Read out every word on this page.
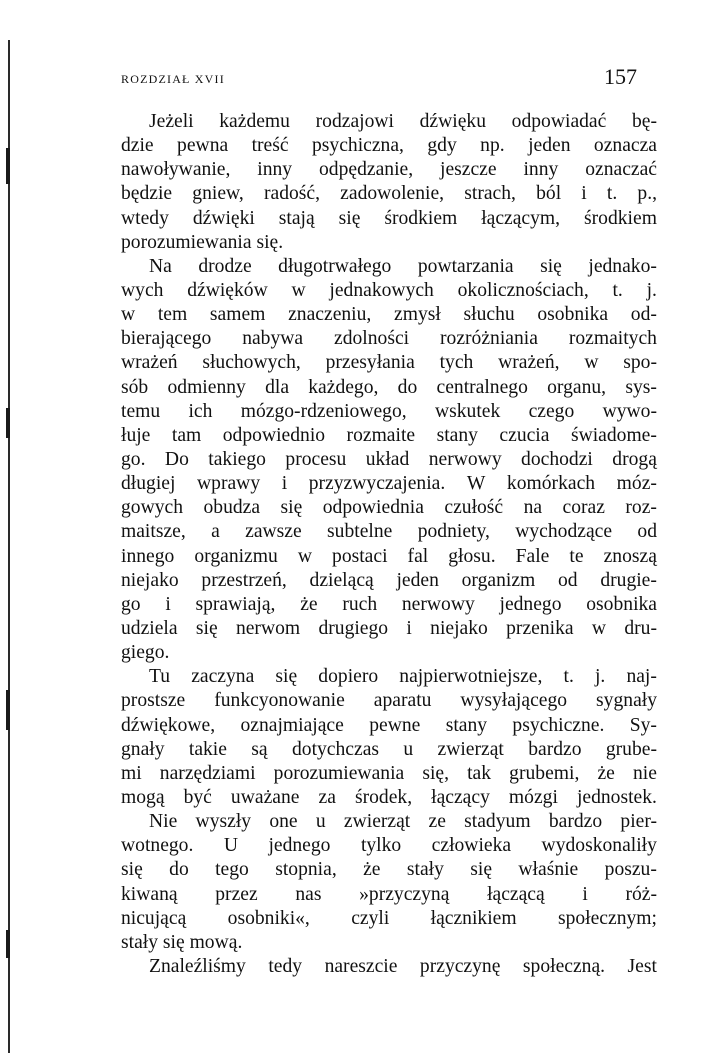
ROZDZIAŁ XVII	157
Jeżeli każdemu rodzajowi dźwięku odpowiadać bę-
dzie pewna treść psychiczna, gdy np. jeden oznacza
nawoływanie, inny odpędzanie, jeszcze inny oznaczać
będzie gniew, radość, zadowolenie, strach, ból i t. p.,
wtedy dźwięki stają się środkiem łączącym, środkiem
porozumiewania się.
Na drodze długotrwałego powtarzania się jednako-
wych dźwięków w jednakowych okolicznościach, t. j.
w tem samem znaczeniu, zmysł słuchu osobnika od-
bierającego nabywa zdolności rozróżniania rozmaitych
wrażeń słuchowych, przesyłania tych wrażeń, w spo-
sób odmienny dla każdego, do centralnego organu, sys-
temu ich mózgo-rdzeniowego, wskutek czego wywo-
łuje tam odpowiednio rozmaite stany czucia świadome-
go. Do takiego procesu układ nerwowy dochodzi drogą
długiej wprawy i przyzwyczajenia. W komórkach móz-
gowych obudza się odpowiednia czułość na coraz roz-
maitsze, a zawsze subtelne podniety, wychodzące od
innego organizmu w postaci fal głosu. Fale te znoszą
niejako przestrzeń, dzielącą jeden organizm od drugie-
go i sprawiają, że ruch nerwowy jednego osobnika
udziela się nerwom drugiego i niejako przenika w dru-
giego.
Tu zaczyna się dopiero najpierwotniejsze, t. j. naj-
prostsze funkcyonowanie aparatu wysyłającego sygnały
dźwiękowe, oznajmiające pewne stany psychiczne. Sy-
gnały takie są dotychczas u zwierząt bardzo grube-
mi narzędziami porozumiewania się, tak grubemi, że nie
mogą być uważane za środek, łączący mózgi jednostek.
Nie wyszły one u zwierząt ze stadyum bardzo pier-
wotnego. U jednego tylko człowieka wydoskonaliły
się do tego stopnia, że stały się właśnie poszu-
kiwaną przez nas »przyczyną łączącą i róż-
nicującą osobniki«, czyli łącznikiem społecznym;
stały się mową.
Znaleźliśmy tedy nareszcie przyczynę społeczną. Jest
